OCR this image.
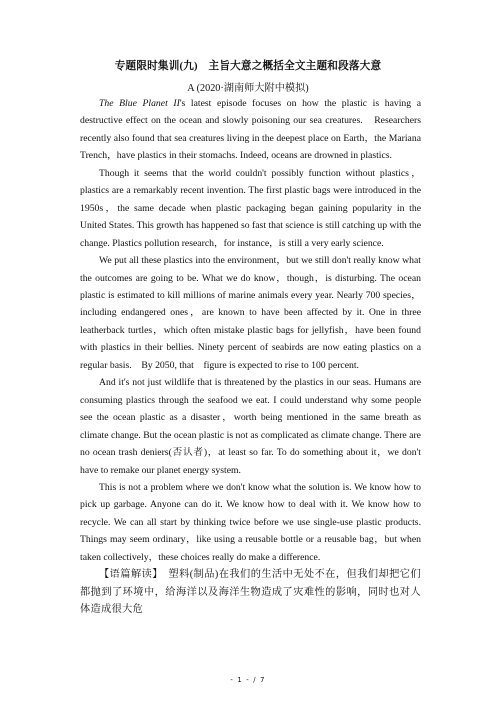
专题限时集训(九)　主旨大意之概括全文主题和段落大意
A (2020·湖南师大附中模拟)

The Blue Planet II's latest episode focuses on how the plastic is having a destructive effect on the ocean and slowly poisoning our sea creatures.　Researchers recently also found that sea creatures living in the deepest place on Earth，the Mariana Trench，have plastics in their stomachs. Indeed, oceans are drowned in plastics.

Though it seems that the world couldn't possibly function without plastics，plastics are a remarkably recent invention. The first plastic bags were introduced in the 1950s，the same decade when plastic packaging began gaining popularity in the United States. This growth has happened so fast that science is still catching up with the change. Plastics pollution research，for instance，is still a very early science.

We put all these plastics into the environment，but we still don't really know what the outcomes are going to be. What we do know，though，is disturbing. The ocean plastic is estimated to kill millions of marine animals every year. Nearly 700 species，including endangered ones，are known to have been affected by it. One in three leatherback turtles，which often mistake plastic bags for jellyfish，have been found with plastics in their bellies. Ninety percent of seabirds are now eating plastics on a regular basis.　By 2050, that　figure is expected to rise to 100 percent.

And it's not just wildlife that is threatened by the plastics in our seas. Humans are consuming plastics through the seafood we eat. I could understand why some people see the ocean plastic as a disaster，worth being mentioned in the same breath as climate change. But the ocean plastic is not as complicated as climate change. There are no ocean trash deniers(否认者)，at least so far. To do something about it，we don't have to remake our planet energy system.

This is not a problem where we don't know what the solution is. We know how to pick up garbage. Anyone can do it. We know how to deal with it. We know how to recycle. We can all start by thinking twice before we use single-use plastic products. Things may seem ordinary，like using a reusable bottle or a reusable bag，but when taken collectively，these choices really do make a difference.

【语篇解读】　塑料(制品)在我们的生活中无处不在，但我们却把它们都抛到了环境中，给海洋以及海洋生物造成了灾难性的影响，同时也对人体造成很大危

- 1 - / 7
